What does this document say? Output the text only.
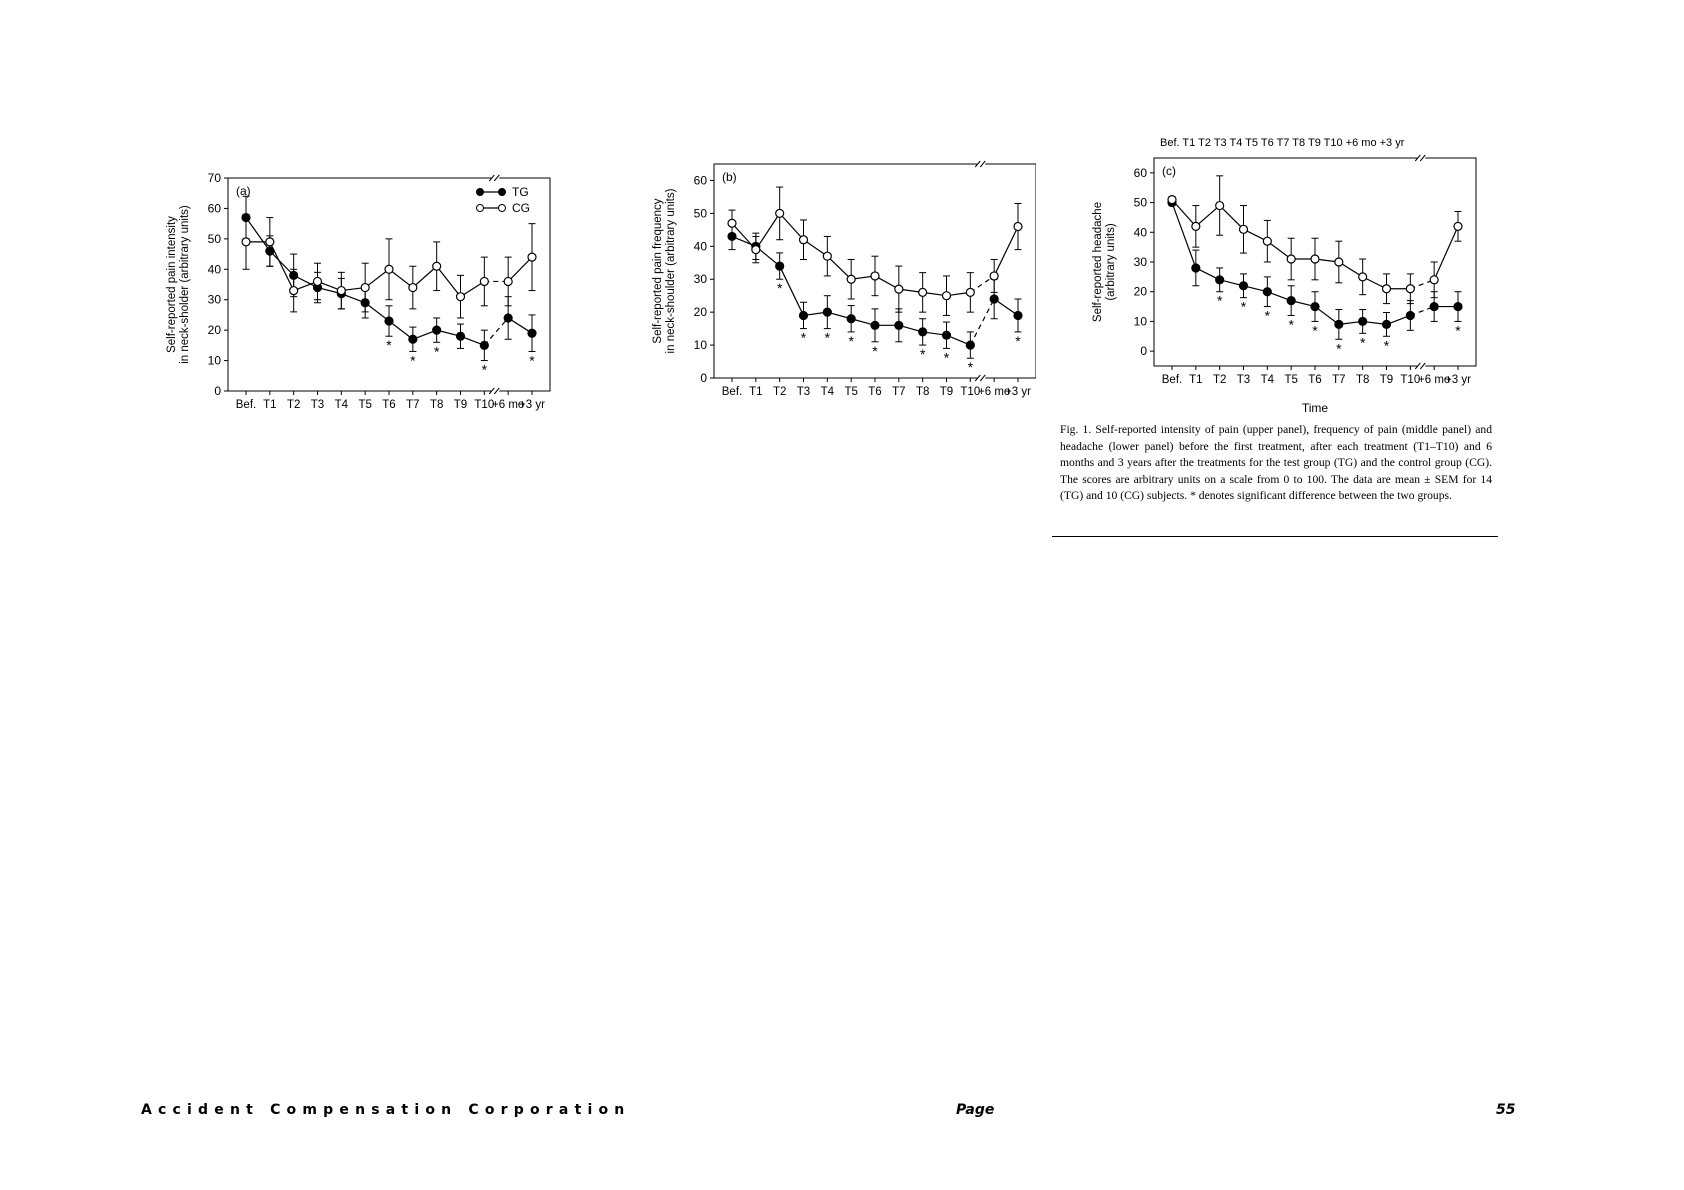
0
10
20
30
40
50
60
70
Bef. T1 T2 T3 T4 T5 T6 T7 T8 T9 T10
+6 mo
+3 yr
(a)
Self-reported pain intensity in neck-sholder (arbitrary units)	*
*
*
*
*
TG
CG
0
10
20
30
40
50
60
Bef. T1 T2 T3 T4 T5 T6 T7 T8 T9 T10
+6 mo
+3 yr
(b)
Self-reported pain frequency in neck-shoulder (arbitrary units)	*
* * *
*	* *
*
*
0
10
20
30
40
50
60
Bef. T1 T2 T3 T4 T5 T6 T7 T8 T9 T10
+6 mo
+3 yr
Bef. T1 T2 T3 T4 T5 T6 T7 T8 T9 T10 +6 mo +3 yr
(c)
Self-reported headache (arbitrary units)
Time
* *
*
* *
* * *
*
Fig. 1. Self-reported intensity of pain (upper panel), frequency of pain (middle panel) and headache (lower panel) before the first treatment, after each treatment (T1–T10) and 6 months and 3 years after the treatments for the test group (TG) and the control group (CG). The scores are arbitrary units on a scale from 0 to 100. The data are mean ± SEM for 14 (TG) and 10 (CG) subjects. * denotes significant difference between the two groups.
Accident Compensation Corporation	Page	55
